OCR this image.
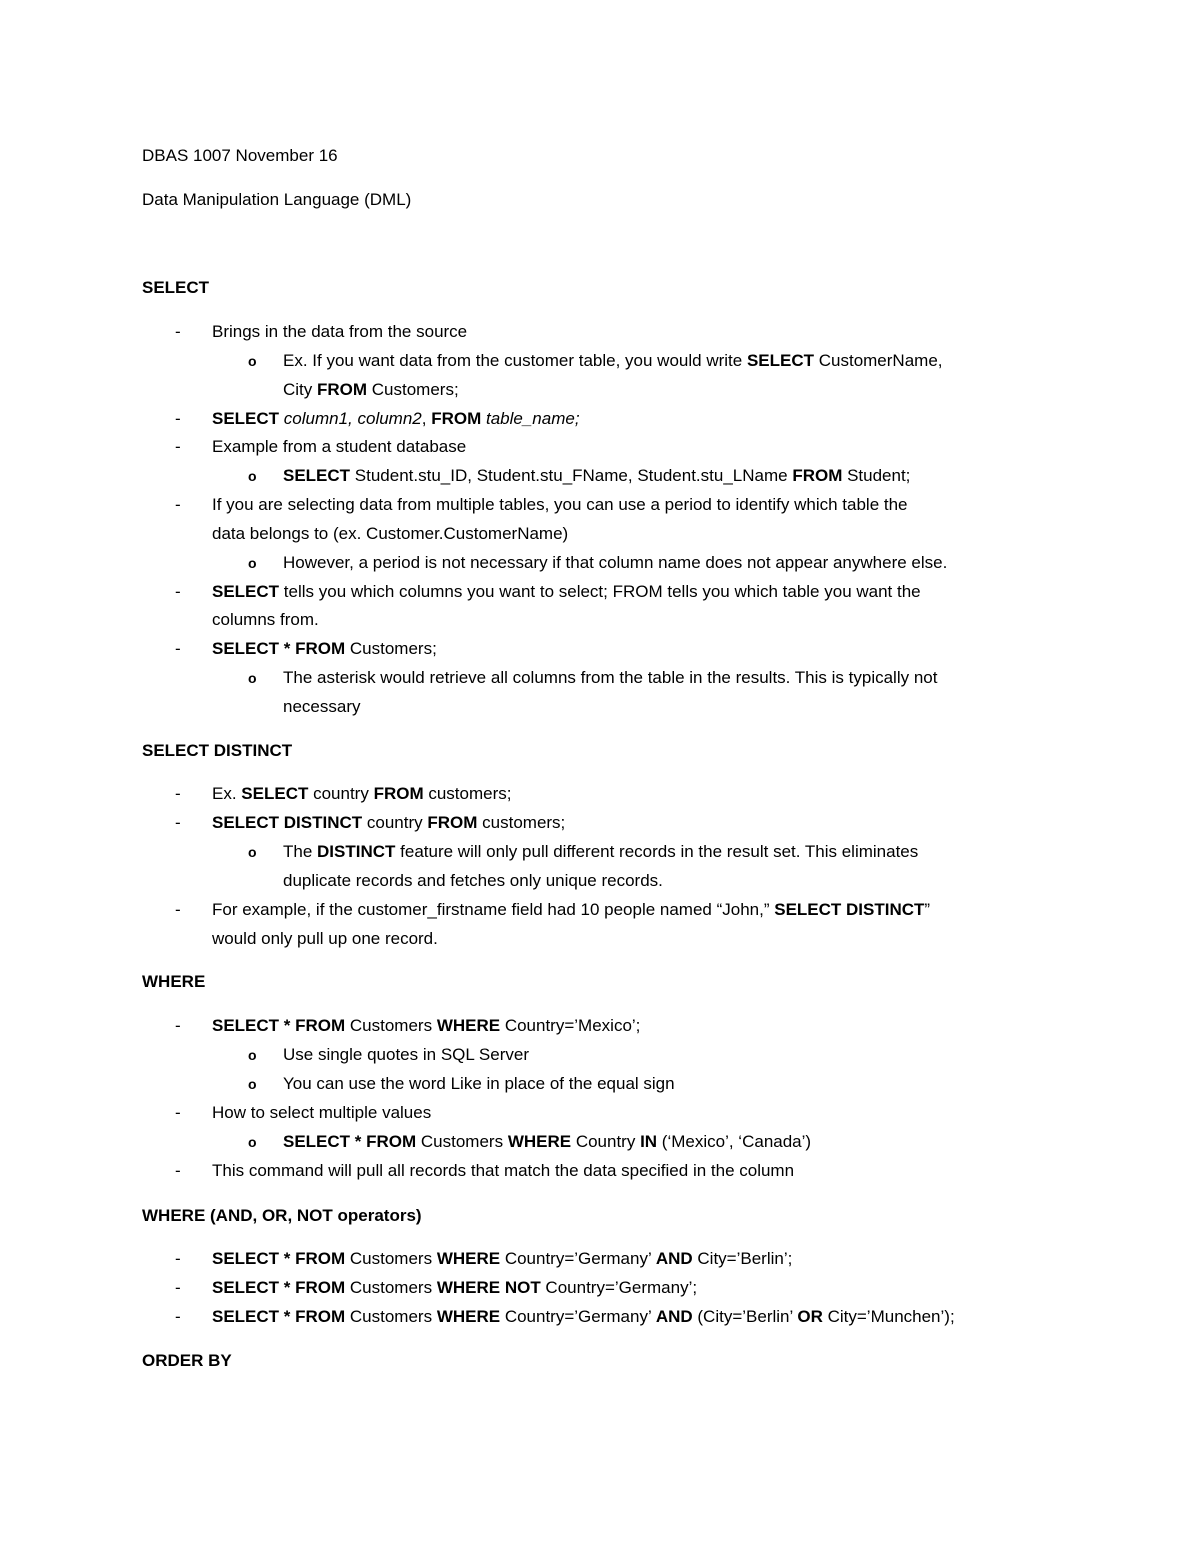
DBAS 1007 November 16
Data Manipulation Language (DML)
SELECT
- Brings in the data from the source
o Ex. If you want data from the customer table, you would write SELECT CustomerName,
City FROM Customers;
- SELECT column1, column2, FROM table_name;
- Example from a student database
o SELECT Student.stu_ID, Student.stu_FName, Student.stu_LName FROM Student;
- If you are selecting data from multiple tables, you can use a period to identify which table the
data belongs to (ex. Customer.CustomerName)
o However, a period is not necessary if that column name does not appear anywhere else.
- SELECT tells you which columns you want to select; FROM tells you which table you want the
columns from.
- SELECT * FROM Customers;
o The asterisk would retrieve all columns from the table in the results. This is typically not
necessary
SELECT DISTINCT
- Ex. SELECT country FROM customers;
- SELECT DISTINCT country FROM customers;
o The DISTINCT feature will only pull different records in the result set. This eliminates
duplicate records and fetches only unique records.
- For example, if the customer_firstname field had 10 people named “John,” SELECT DISTINCT”
would only pull up one record.
WHERE
- SELECT * FROM Customers WHERE Country=’Mexico’;
o Use single quotes in SQL Server
o You can use the word Like in place of the equal sign
- How to select multiple values
o SELECT * FROM Customers WHERE Country IN (‘Mexico’, ‘Canada’)
- This command will pull all records that match the data specified in the column
WHERE (AND, OR, NOT operators)
- SELECT * FROM Customers WHERE Country=’Germany’ AND City=’Berlin’;
- SELECT * FROM Customers WHERE NOT Country=’Germany’;
- SELECT * FROM Customers WHERE Country=’Germany’ AND (City=’Berlin’ OR City=’Munchen’);
ORDER BY
